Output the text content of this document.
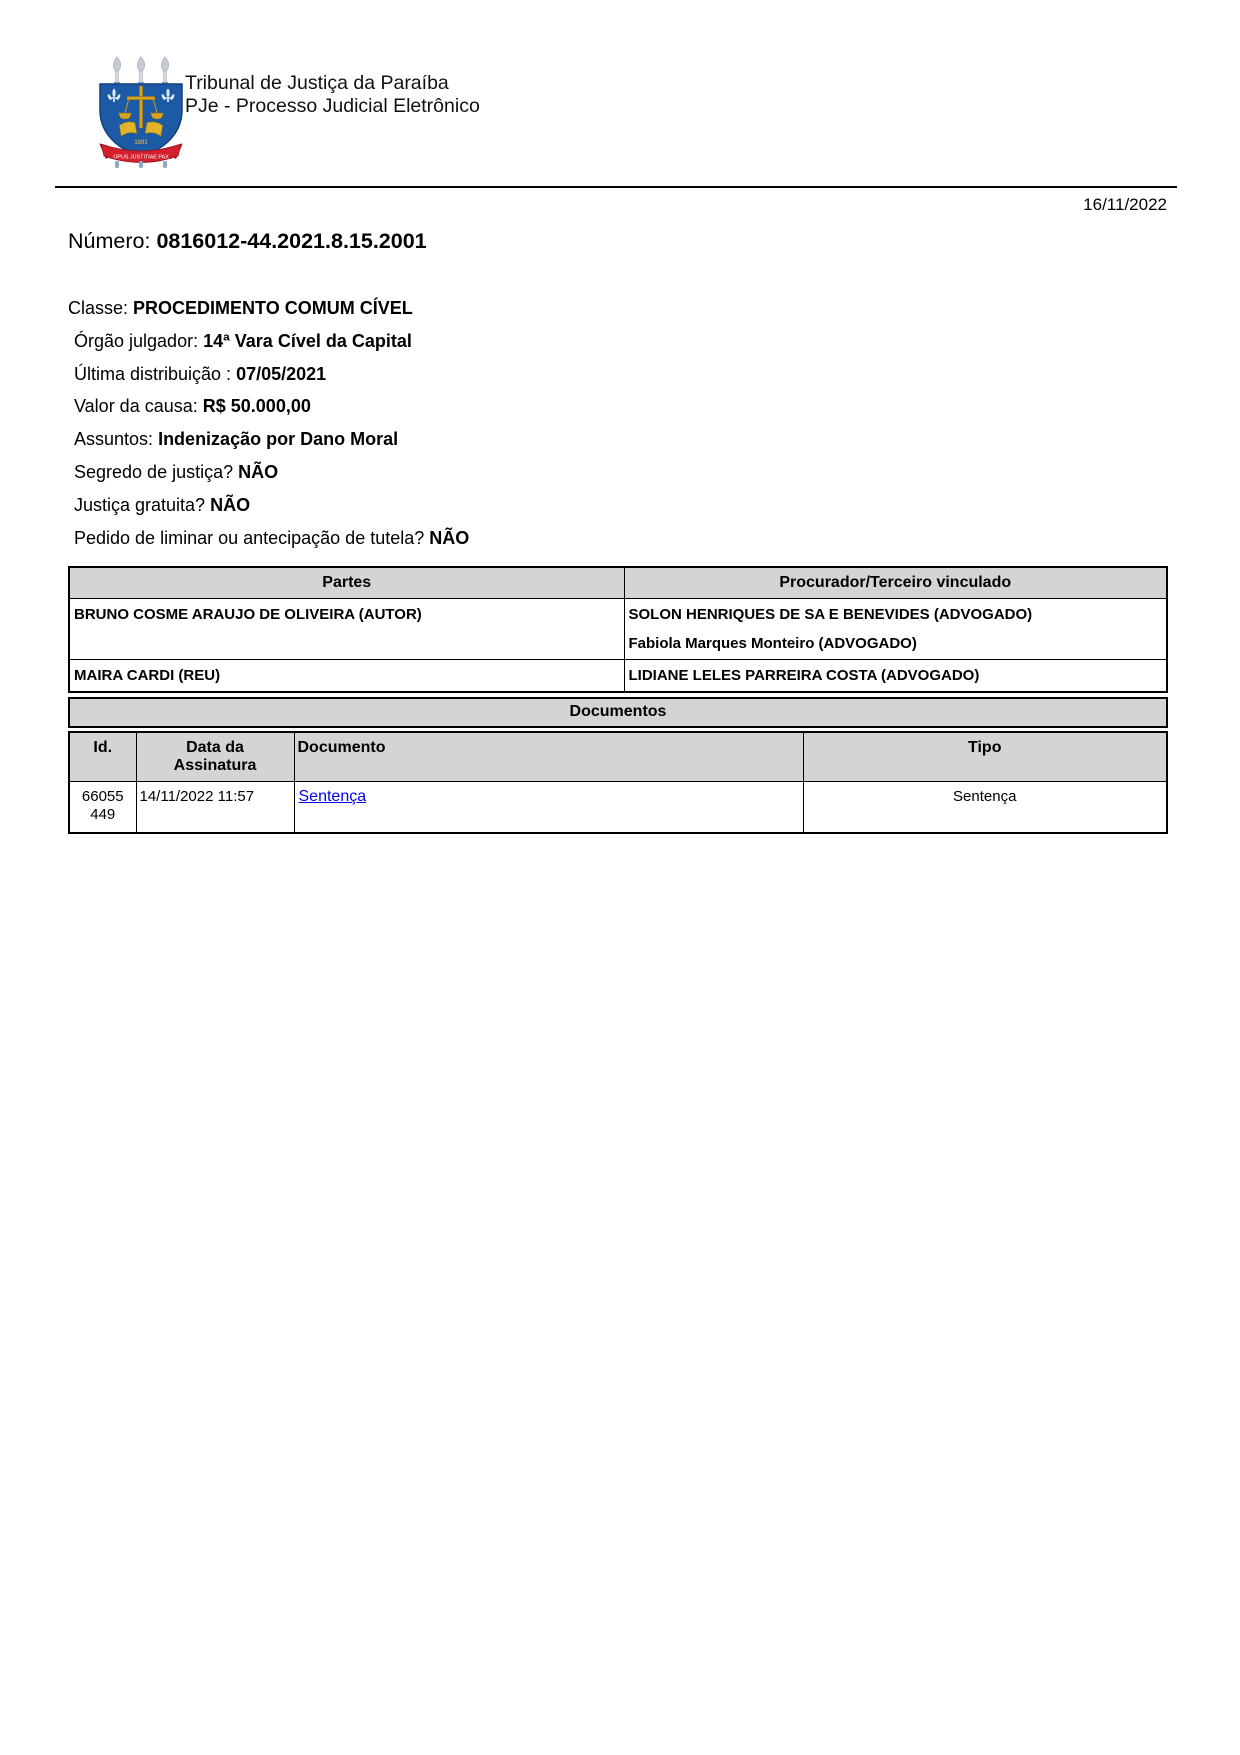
1891
OPUS JUSTITIAE PAX
Tribunal de Justiça da Paraíba
PJe - Processo Judicial Eletrônico
16/11/2022
Número: 0816012-44.2021.8.15.2001
Classe: PROCEDIMENTO COMUM CÍVEL
Órgão julgador: 14ª Vara Cível da Capital
Última distribuição : 07/05/2021
Valor da causa: R$ 50.000,00
Assuntos: Indenização por Dano Moral
Segredo de justiça? NÃO
Justiça gratuita? NÃO
Pedido de liminar ou antecipação de tutela? NÃO
Partes	Procurador/Terceiro vinculado

BRUNO COSME ARAUJO DE OLIVEIRA (AUTOR)	SOLON HENRIQUES DE SA E BENEVIDES (ADVOGADO)
Fabiola Marques Monteiro (ADVOGADO)

MAIRA CARDI (REU)	LIDIANE LELES PARREIRA COSTA (ADVOGADO)
Documentos
Id.	Data da Assinatura	Documento	Tipo
66055449	14/11/2022 11:57	Sentença	Sentença
